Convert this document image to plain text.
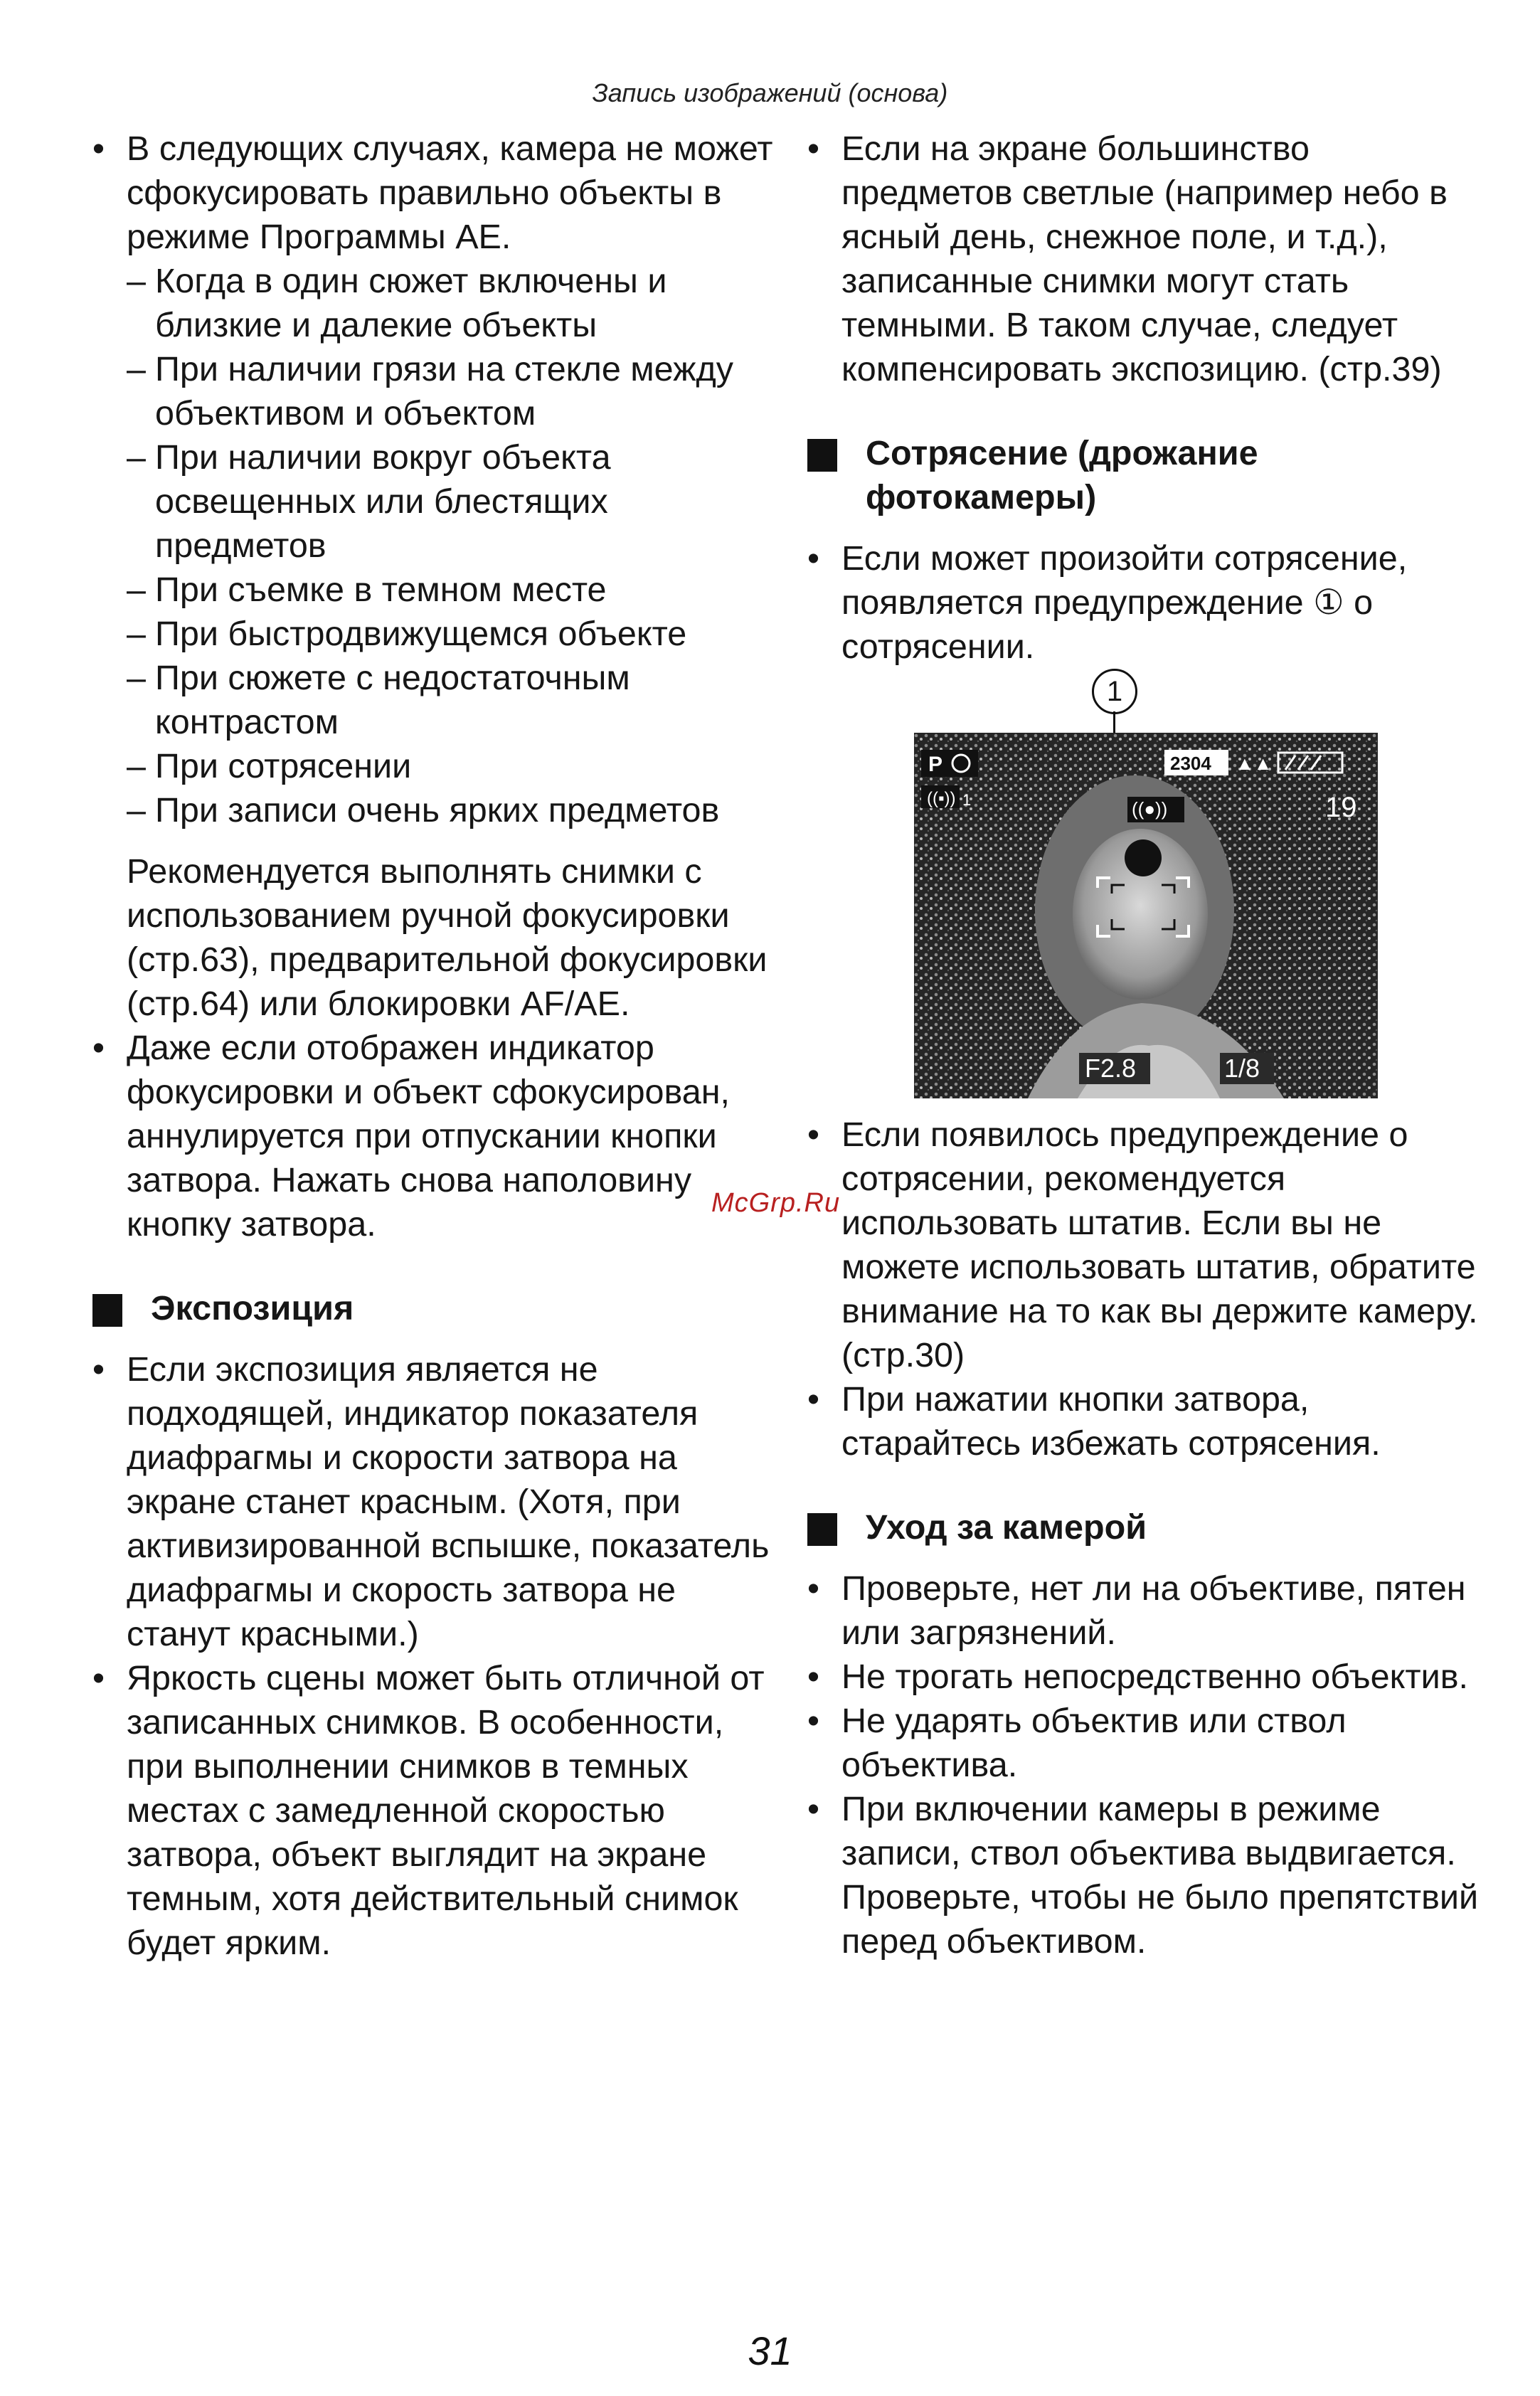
Запись изображений (основа)

• В следующих случаях, камера не может сфокусировать правильно объекты в режиме Программы AE.

– Когда в один сюжет включены и близкие и далекие объекты
– При наличии грязи на стекле между объективом и объектом
– При наличии вокруг объекта освещенных или блестящих предметов
– При съемке в темном месте
– При быстродвижущемся объекте
– При сюжете с недостаточным контрастом
– При сотрясении
– При записи очень ярких предметов

Рекомендуется выполнять снимки с использованием ручной фокусировки (стр.63), предварительной фокусировки (стр.64) или блокировки AF/AE.

• Даже если отображен индикатор фокусировки и объект сфокусирован, аннулируется при отпускании кнопки затвора. Нажать снова наполовину кнопку затвора.

Экспозиция

• Если экспозиция является не подходящей, индикатор показателя диафрагмы и скорости затвора на экране станет красным. (Хотя, при активизированной вспышке, показатель диафрагмы и скорость затвора не станут красными.)

• Яркость сцены может быть отличной от записанных снимков. В особенности, при выполнении снимков в темных местах с замедленной скоростью затвора, объект выглядит на экране темным, хотя действительный снимок будет ярким.

• Если на экране большинство предметов светлые (например небо в ясный день, снежное поле, и т.д.), записанные снимки могут стать темными. В таком случае, следует компенсировать экспозицию. (стр.39)

Сотрясение (дрожание фотокамеры)

• Если может произойти сотрясение, появляется предупреждение ① о сотрясении.

1
P
((▪)) 1
2304 ▲▲
((●))	19
F2.8	1/8

• Если появилось предупреждение о сотрясении, рекомендуется использовать штатив. Если вы не можете использовать штатив, обратите внимание на то как вы держите камеру. (стр.30)

• При нажатии кнопки затвора, старайтесь избежать сотрясения.

Уход за камерой

• Проверьте, нет ли на объективе, пятен или загрязнений.

• Не трогать непосредственно объектив.

• Не ударять объектив или ствол объектива.

• При включении камеры в режиме записи, ствол объектива выдвигается. Проверьте, чтобы не было препятствий перед объективом.

McGrp.Ru
31
